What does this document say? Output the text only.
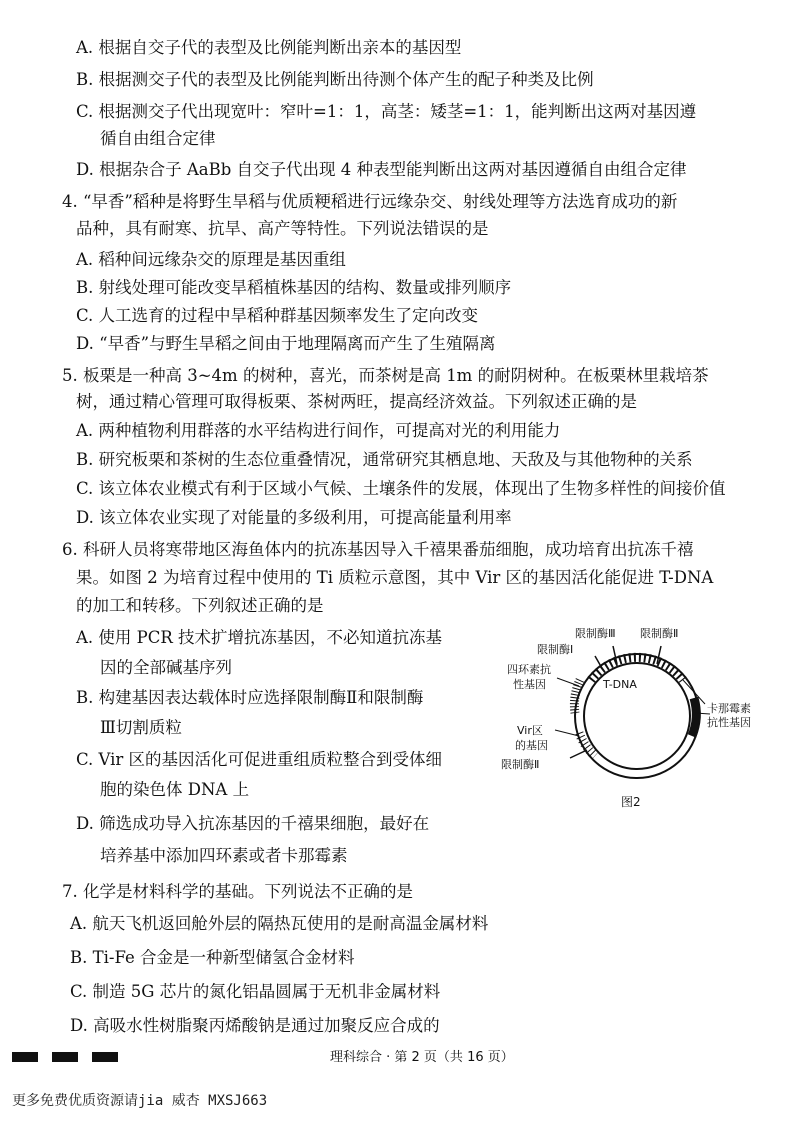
A. 根据自交子代的表型及比例能判断出亲本的基因型
B. 根据测交子代的表型及比例能判断出待测个体产生的配子种类及比例
C. 根据测交子代出现宽叶：窄叶=1：1，高茎：矮茎=1：1，能判断出这两对基因遵
循自由组合定律
D. 根据杂合子 AaBb 自交子代出现 4 种表型能判断出这两对基因遵循自由组合定律
4. “早香”稻种是将野生旱稻与优质粳稻进行远缘杂交、射线处理等方法选育成功的新
品种，具有耐寒、抗旱、高产等特性。下列说法错误的是
A. 稻种间远缘杂交的原理是基因重组
B. 射线处理可能改变旱稻植株基因的结构、数量或排列顺序
C. 人工选育的过程中旱稻种群基因频率发生了定向改变
D. “早香”与野生旱稻之间由于地理隔离而产生了生殖隔离
5. 板栗是一种高 3~4m 的树种，喜光，而茶树是高 1m 的耐阴树种。在板栗林里栽培茶
树，通过精心管理可取得板栗、茶树两旺，提高经济效益。下列叙述正确的是
A. 两种植物利用群落的水平结构进行间作，可提高对光的利用能力
B. 研究板栗和茶树的生态位重叠情况，通常研究其栖息地、天敌及与其他物种的关系
C. 该立体农业模式有利于区域小气候、土壤条件的发展，体现出了生物多样性的间接价值
D. 该立体农业实现了对能量的多级利用，可提高能量利用率
6. 科研人员将寒带地区海鱼体内的抗冻基因导入千禧果番茄细胞，成功培育出抗冻千禧
果。如图 2 为培育过程中使用的 Ti 质粒示意图，其中 Vir 区的基因活化能促进 T-DNA
的加工和转移。下列叙述正确的是
A. 使用 PCR 技术扩增抗冻基因，不必知道抗冻基
因的全部碱基序列
B. 构建基因表达载体时应选择限制酶Ⅱ和限制酶
Ⅲ切割质粒
C. Vir 区的基因活化可促进重组质粒整合到受体细
胞的染色体 DNA 上
D. 筛选成功导入抗冻基因的千禧果细胞，最好在
培养基中添加四环素或者卡那霉素
限制酶Ⅲ 限制酶Ⅱ
限制酶Ⅰ
四环素抗
性基因	T-DNA
卡那霉素
抗性基因
Vir区
的基因
限制酶Ⅱ
图2
7. 化学是材料科学的基础。下列说法不正确的是
A. 航天飞机返回舱外层的隔热瓦使用的是耐高温金属材料
B. Ti-Fe 合金是一种新型储氢合金材料
C. 制造 5G 芯片的氮化铝晶圆属于无机非金属材料
D. 高吸水性树脂聚丙烯酸钠是通过加聚反应合成的
理科综合 · 第 2 页（共 16 页）
更多免费优质资源请jia 威杏 MXSJ663
